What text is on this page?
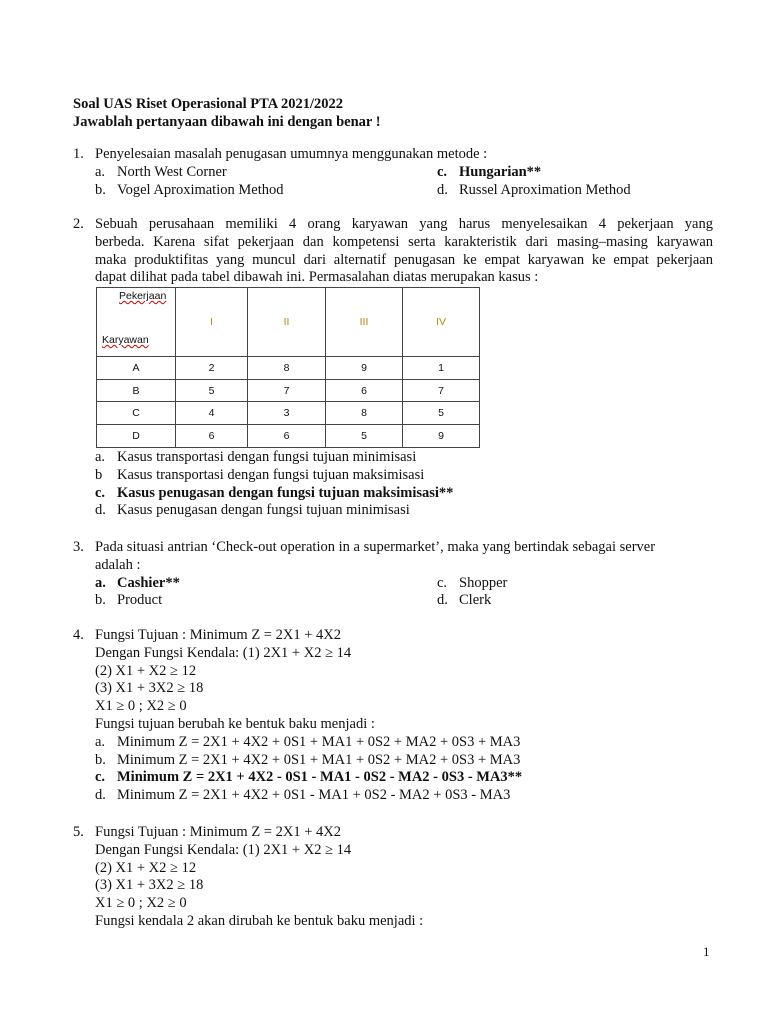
Soal UAS Riset Operasional PTA 2021/2022
Jawablah pertanyaan dibawah ini dengan benar !
1. Penyelesaian masalah penugasan umumnya menggunakan metode :
a. North West Corner	c. Hungarian**
b. Vogel Aproximation Method	d. Russel Aproximation Method
2. Sebuah perusahaan memiliki 4 orang karyawan yang harus menyelesaikan 4 pekerjaan yang
berbeda. Karena sifat pekerjaan dan kompetensi serta karakteristik dari masing–masing karyawan
maka produktifitas yang muncul dari alternatif penugasan ke empat karyawan ke empat pekerjaan
dapat dilihat pada tabel dibawah ini. Permasalahan diatas merupakan kasus :
Pekerjaan
Karyawan	I	II	III	IV
A	2	8	9	1
B	5	7	6	7
C	4	3	8	5
D	6	6	5	9
a. Kasus transportasi dengan fungsi tujuan minimisasi
b	Kasus transportasi dengan fungsi tujuan maksimisasi
c. Kasus penugasan dengan fungsi tujuan maksimisasi**
d. Kasus penugasan dengan fungsi tujuan minimisasi
3. Pada situasi antrian ‘Check-out operation in a supermarket’, maka yang bertindak sebagai server
adalah :
a. Cashier**	c. Shopper
b. Product	d. Clerk
4. Fungsi Tujuan : Minimum Z = 2X1 + 4X2
Dengan Fungsi Kendala: (1) 2X1 + X2 ≥ 14
(2) X1 + X2 ≥ 12
(3) X1 + 3X2 ≥ 18
X1 ≥ 0 ; X2 ≥ 0
Fungsi tujuan berubah ke bentuk baku menjadi :
a. Minimum Z = 2X1 + 4X2 + 0S1 + MA1 + 0S2 + MA2 + 0S3 + MA3
b. Minimum Z = 2X1 + 4X2 + 0S1 + MA1 + 0S2 + MA2 + 0S3 + MA3
c. Minimum Z = 2X1 + 4X2 - 0S1 - MA1 - 0S2 - MA2 - 0S3 - MA3**
d. Minimum Z = 2X1 + 4X2 + 0S1 - MA1 + 0S2 - MA2 + 0S3 - MA3
5. Fungsi Tujuan : Minimum Z = 2X1 + 4X2
Dengan Fungsi Kendala: (1) 2X1 + X2 ≥ 14
(2) X1 + X2 ≥ 12
(3) X1 + 3X2 ≥ 18
X1 ≥ 0 ; X2 ≥ 0
Fungsi kendala 2 akan dirubah ke bentuk baku menjadi :
1
